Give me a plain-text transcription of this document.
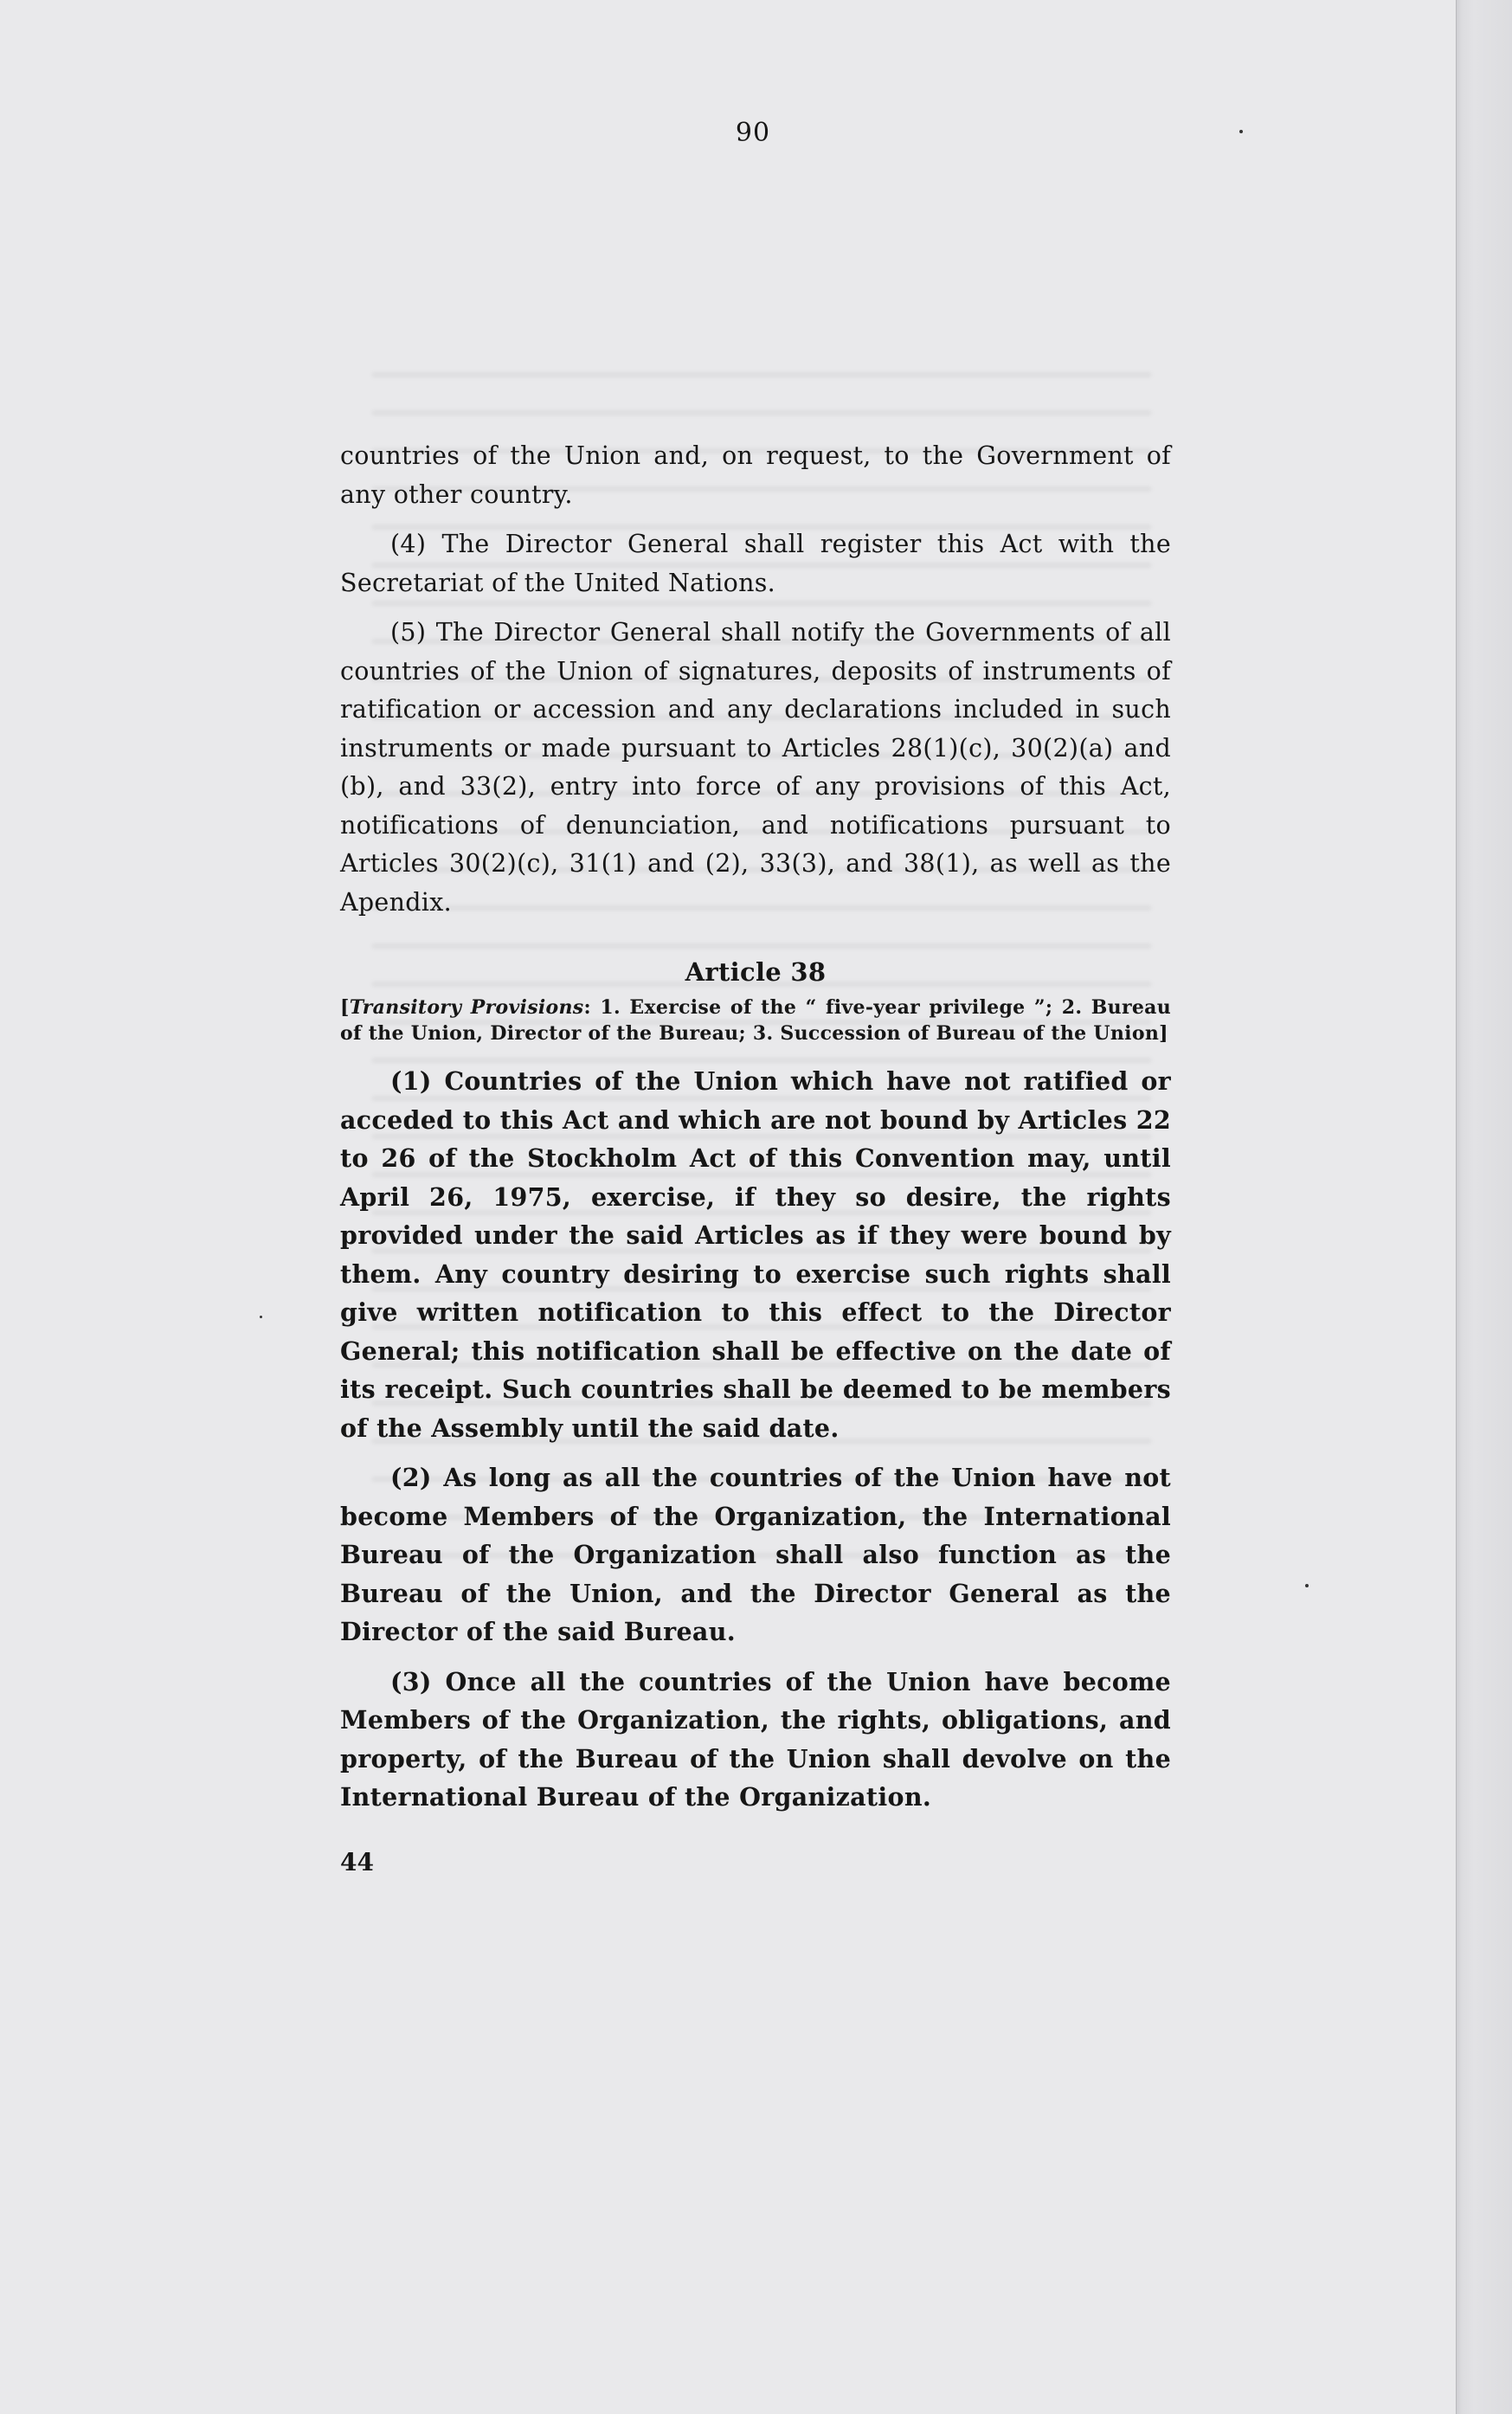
90

countries of the Union and, on request, to the Government of any other country.

(4) The Director General shall register this Act with the Secretariat of the United Nations.

(5) The Director General shall notify the Governments of all countries of the Union of signatures, deposits of instruments of ratification or accession and any declarations included in such instruments or made pursuant to Articles 28(1)(c), 30(2)(a) and (b), and 33(2), entry into force of any provisions of this Act, notifications of denunciation, and notifications pursuant to Articles 30(2)(c), 31(1) and (2), 33(3), and 38(1), as well as the Apendix.

Article 38

[Transitory Provisions: 1. Exercise of the “ five-year privilege ”; 2. Bureau of the Union, Director of the Bureau; 3. Succession of Bureau of the Union]

(1) Countries of the Union which have not ratified or acceded to this Act and which are not bound by Articles 22 to 26 of the Stockholm Act of this Convention may, until April 26, 1975, exercise, if they so desire, the rights provided under the said Articles as if they were bound by them. Any country desiring to exercise such rights shall give written notification to this effect to the Director General; this notification shall be effective on the date of its receipt. Such countries shall be deemed to be members of the Assembly until the said date.

(2) As long as all the countries of the Union have not become Members of the Organization, the International Bureau of the Organization shall also function as the Bureau of the Union, and the Director General as the Director of the said Bureau.

(3) Once all the countries of the Union have become Members of the Organization, the rights, obligations, and property, of the Bureau of the Union shall devolve on the International Bureau of the Organization.

44
